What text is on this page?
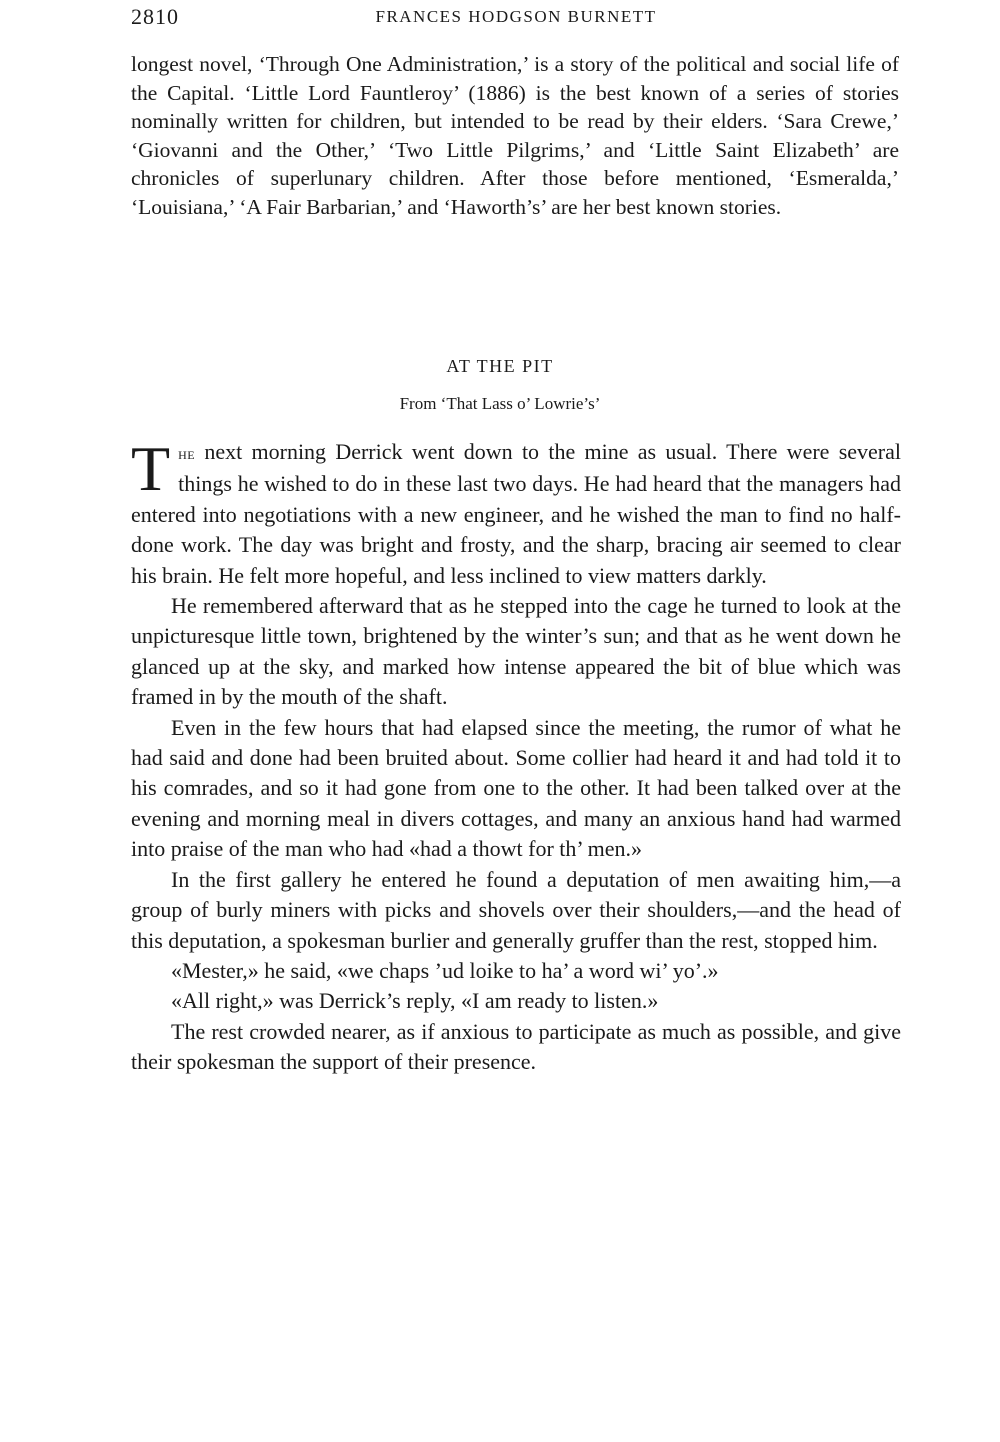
2810	FRANCES HODGSON BURNETT

longest novel, ‘Through One Administration,’ is a story of the political and social life of the Capital. ‘Little Lord Fauntleroy’ (1886) is the best known of a series of stories nominally written for children, but intended to be read by their elders. ‘Sara Crewe,’ ‘Giovanni and the Other,’ ‘Two Little Pilgrims,’ and ‘Little Saint Elizabeth’ are chronicles of superlunary children. After those before mentioned, ‘Esmeralda,’ ‘Louisiana,’ ‘A Fair Barbarian,’ and ‘Haworth’s’ are her best known stories.

AT THE PIT

From ‘That Lass o’ Lowrie’s’

The next morning Derrick went down to the mine as usual. There were several things he wished to do in these last two days. He had heard that the managers had entered into negotiations with a new engineer, and he wished the man to find no half-done work. The day was bright and frosty, and the sharp, bracing air seemed to clear his brain. He felt more hopeful, and less inclined to view matters darkly.

He remembered afterward that as he stepped into the cage he turned to look at the unpicturesque little town, brightened by the winter’s sun; and that as he went down he glanced up at the sky, and marked how intense appeared the bit of blue which was framed in by the mouth of the shaft.

Even in the few hours that had elapsed since the meeting, the rumor of what he had said and done had been bruited about. Some collier had heard it and had told it to his comrades, and so it had gone from one to the other. It had been talked over at the evening and morning meal in divers cottages, and many an anxious hand had warmed into praise of the man who had «had a thowt for th’ men.»

In the first gallery he entered he found a deputation of men awaiting him,—a group of burly miners with picks and shovels over their shoulders,—and the head of this deputation, a spokesman burlier and generally gruffer than the rest, stopped him.

«Mester,» he said, «we chaps ’ud loike to ha’ a word wi’ yo’.»

«All right,» was Derrick’s reply, «I am ready to listen.»

The rest crowded nearer, as if anxious to participate as much as possible, and give their spokesman the support of their presence.
